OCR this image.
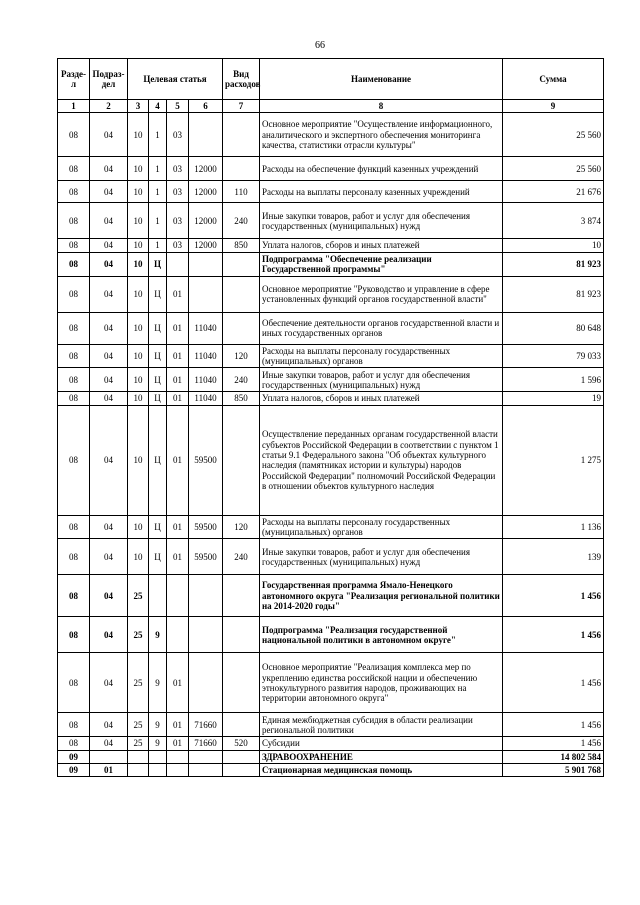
66
Раздел	Подраз-дел	Целевая статья				Вид расходов	Наименование	Сумма
1	2	3	4	5	6	7	8	9
08	04	10	1	03			Основное мероприятие "Осуществление информационного, аналитического и экспертного обеспечения мониторинга качества, статистики отрасли культуры"	25 560
08	04	10	1	03	12000		Расходы на обеспечение функций казенных учреждений	25 560
08	04	10	1	03	12000	110	Расходы на выплаты персоналу казенных учреждений	21 676
08	04	10	1	03	12000	240	Иные закупки товаров, работ и услуг для обеспечения государственных (муниципальных) нужд	3 874
08	04	10	1	03	12000	850	Уплата налогов, сборов и иных платежей	10
08	04	10	Ц				Подпрограмма "Обеспечение реализации Государственной программы"	81 923
08	04	10	Ц	01			Основное мероприятие "Руководство и управление в сфере установленных функций органов государственной власти"	81 923
08	04	10	Ц	01	11040		Обеспечение деятельности органов государственной власти и иных государственных органов	80 648
08	04	10	Ц	01	11040	120	Расходы на выплаты персоналу государственных (муниципальных) органов	79 033
08	04	10	Ц	01	11040	240	Иные закупки товаров, работ и услуг для обеспечения государственных (муниципальных) нужд	1 596
08	04	10	Ц	01	11040	850	Уплата налогов, сборов и иных платежей	19
08	04	10	Ц	01	59500		Осуществление переданных органам государственной власти субъектов Российской Федерации в соответствии с пунктом 1 статьи 9.1 Федерального закона "Об объектах культурного наследия (памятниках истории и культуры) народов Российской Федерации" полномочий Российской Федерации в отношении объектов культурного наследия	1 275
08	04	10	Ц	01	59500	120	Расходы на выплаты персоналу государственных (муниципальных) органов	1 136
08	04	10	Ц	01	59500	240	Иные закупки товаров, работ и услуг для обеспечения государственных (муниципальных) нужд	139
08	04	25					Государственная программа Ямало-Ненецкого автономного округа "Реализация региональной политики на 2014-2020 годы"	1 456
08	04	25	9				Подпрограмма "Реализация государственной национальной политики в автономном округе"	1 456
08	04	25	9	01			Основное мероприятие "Реализация комплекса мер по укреплению единства российской нации и обеспечению этнокультурного развития народов, проживающих на территории автономного округа"	1 456
08	04	25	9	01	71660		Единая межбюджетная субсидия в области реализации региональной политики	1 456
08	04	25	9	01	71660	520	Субсидии	1 456
09							ЗДРАВООХРАНЕНИЕ	14 802 584
09	01						Стационарная медицинская помощь	5 901 768
